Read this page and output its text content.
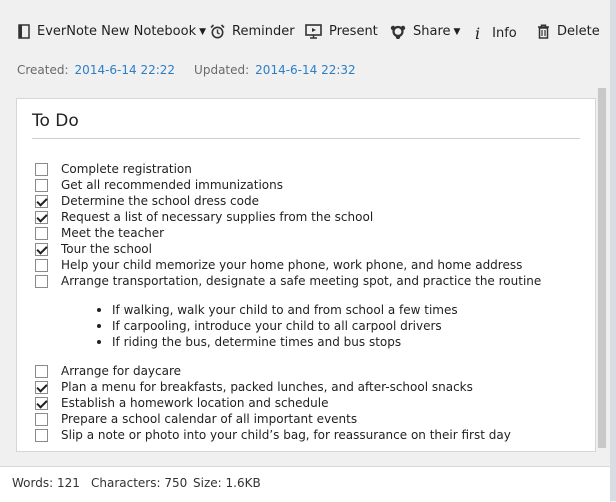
EverNote New Notebook ▼ Reminder	Present	Share ▼ i Info	Delete
Created: 2014-6-14 22:22 Updated: 2014-6-14 22:32
To Do
Complete registration
Get all recommended immunizations
Determine the school dress code
Request a list of necessary supplies from the school
Meet the teacher
Tour the school
Help your child memorize your home phone, work phone, and home address
Arrange transportation, designate a safe meeting spot, and practice the routine
If walking, walk your child to and from school a few times
If carpooling, introduce your child to all carpool drivers
If riding the bus, determine times and bus stops
Arrange for daycare
Plan a menu for breakfasts, packed lunches, and after-school snacks
Establish a homework location and schedule
Prepare a school calendar of all important events
Slip a note or photo into your child’s bag, for reassurance on their first day
Words: 121 Characters: 750 Size: 1.6KB
